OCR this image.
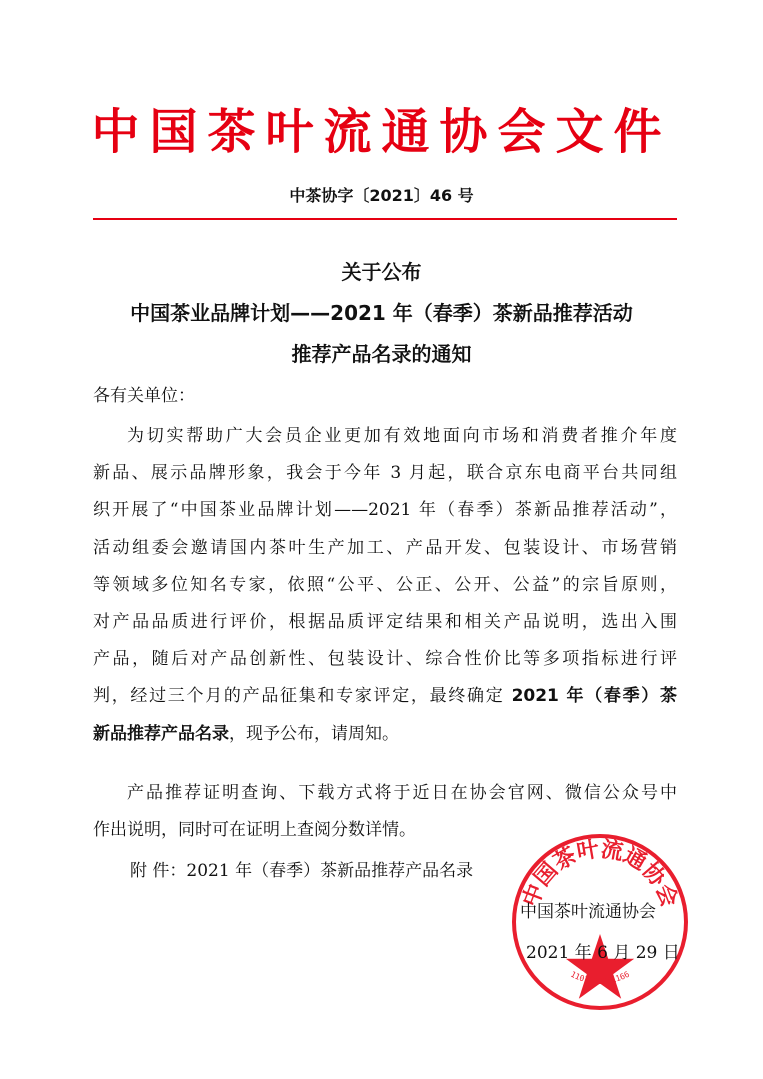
中国茶叶流通协会文件
中茶协字〔2021〕46 号
关于公布
中国茶业品牌计划——2021 年（春季）茶新品推荐活动
推荐产品名录的通知
各有关单位：
为切实帮助广大会员企业更加有效地面向市场和消费者推介年度
新品、展示品牌形象，我会于今年 3 月起，联合京东电商平台共同组
织开展了“中国茶业品牌计划——2021 年（春季）茶新品推荐活动”，
活动组委会邀请国内茶叶生产加工、产品开发、包装设计、市场营销
等领域多位知名专家，依照“公平、公正、公开、公益”的宗旨原则，
对产品品质进行评价，根据品质评定结果和相关产品说明，选出入围
产品，随后对产品创新性、包装设计、综合性价比等多项指标进行评
判，经过三个月的产品征集和专家评定，最终确定 2021 年（春季）茶
新品推荐产品名录，现予公布，请周知。
产品推荐证明查询、下载方式将于近日在协会官网、微信公众号中
作出说明，同时可在证明上查阅分数详情。
附 件：2021 年（春季）茶新品推荐产品名录
中国茶叶流通协会
1101020281166
中国茶叶流通协会
2021 年 6 月 29 日
